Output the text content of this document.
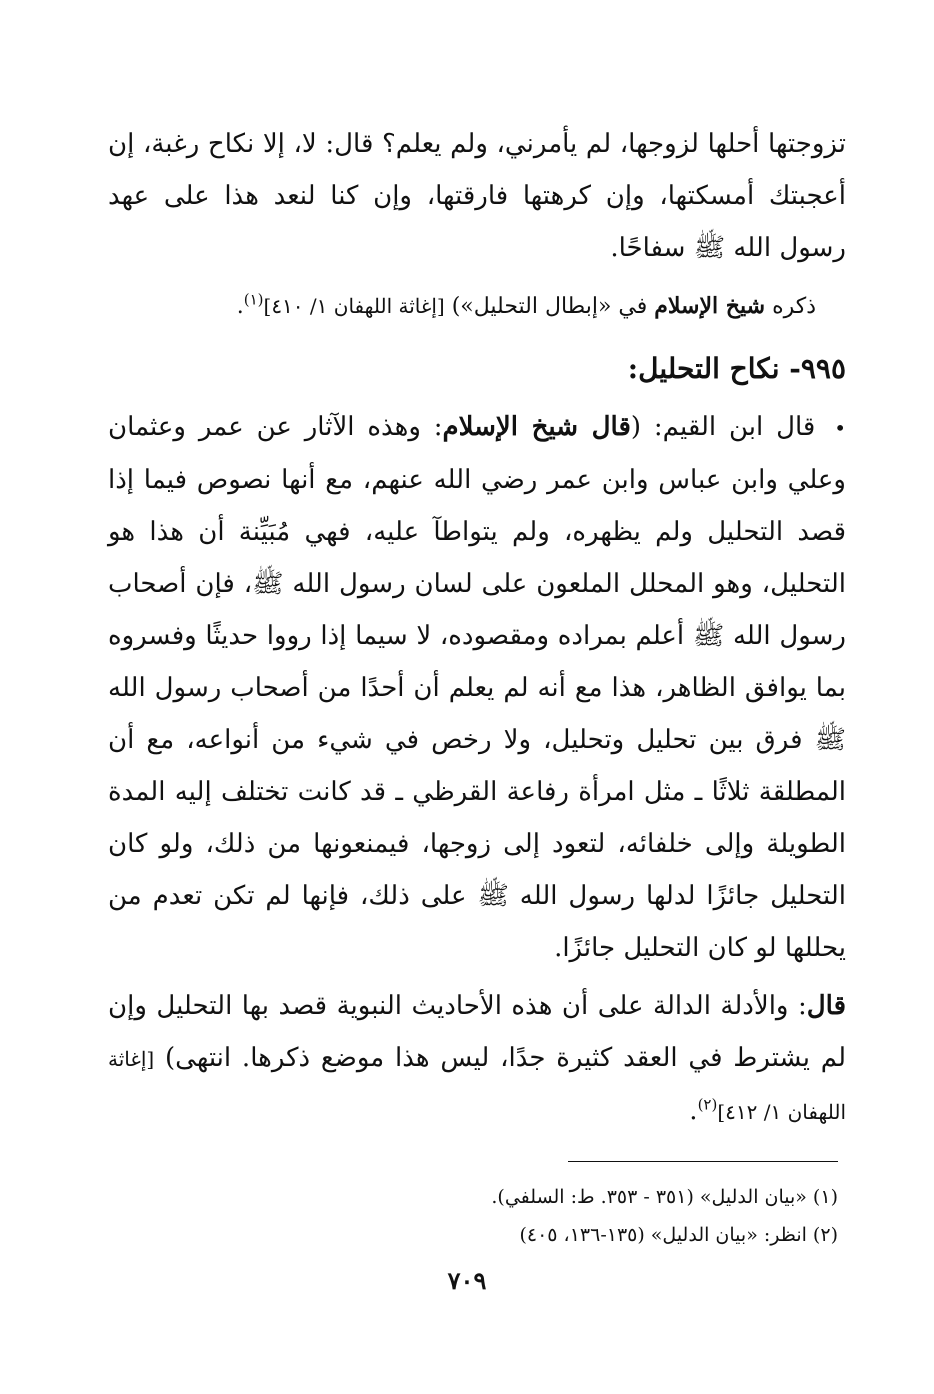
تزوجتها أحلها لزوجها، لم يأمرني، ولم يعلم؟ قال: لا، إلا نكاح رغبة، إن أعجبتك أمسكتها، وإن كرهتها فارقتها، وإن كنا لنعد هذا على عهد رسول الله ﷺ سفاحًا.

ذكره شيخ الإسلام في «إبطال التحليل») [إغاثة اللهفان ١/ ٤١٠]$^{(١)}$.

٩٩٥- نكاح التحليل:

• قال ابن القيم: (قال شيخ الإسلام: وهذه الآثار عن عمر وعثمان وعلي وابن عباس وابن عمر رضي الله عنهم، مع أنها نصوص فيما إذا قصد التحليل ولم يظهره، ولم يتواطآ عليه، فهي مُبَيِّنة أن هذا هو التحليل، وهو المحلل الملعون على لسان رسول الله ﷺ، فإن أصحاب رسول الله ﷺ أعلم بمراده ومقصوده، لا سيما إذا رووا حديثًا وفسروه بما يوافق الظاهر، هذا مع أنه لم يعلم أن أحدًا من أصحاب رسول الله ﷺ فرق بين تحليل وتحليل، ولا رخص في شيء من أنواعه، مع أن المطلقة ثلاثًا ـ مثل امرأة رفاعة القرظي ـ قد كانت تختلف إليه المدة الطويلة وإلى خلفائه، لتعود إلى زوجها، فيمنعونها من ذلك، ولو كان التحليل جائزًا لدلها رسول الله ﷺ على ذلك، فإنها لم تكن تعدم من يحللها لو كان التحليل جائزًا.

قال: والأدلة الدالة على أن هذه الأحاديث النبوية قصد بها التحليل وإن لم يشترط في العقد كثيرة جدًا، ليس هذا موضع ذكرها. انتهى) [إغاثة اللهفان ١/ ٤١٢]$^{(٢)}$.

(١) «بيان الدليل» (٣٥١ - ٣٥٣. ط: السلفي).

(٢) انظر: «بيان الدليل» (١٣٥-١٣٦، ٤٠٥)

٧٠٩
